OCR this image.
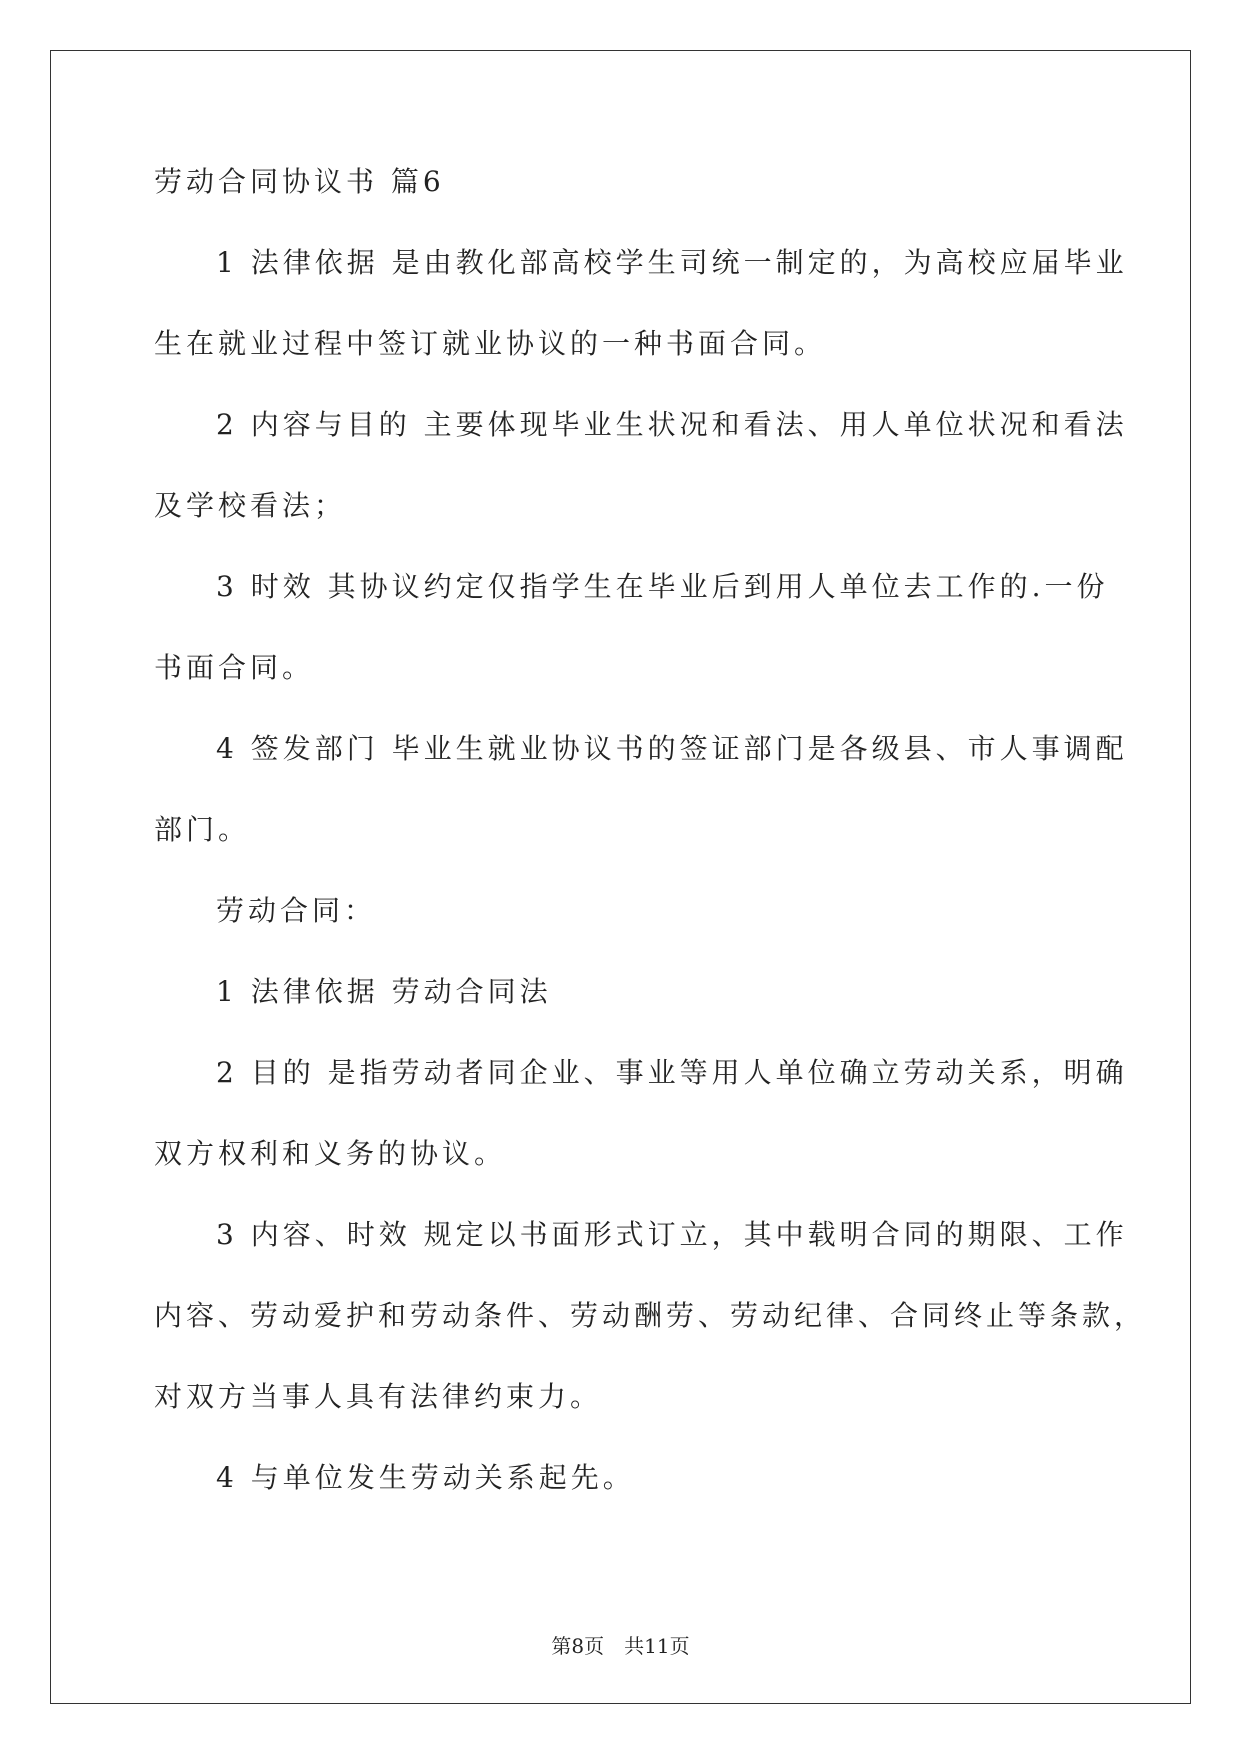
劳动合同协议书 篇6
1 法律依据 是由教化部高校学生司统一制定的，为高校应届毕业
生在就业过程中签订就业协议的一种书面合同。
2 内容与目的 主要体现毕业生状况和看法、用人单位状况和看法
及学校看法；
3 时效 其协议约定仅指学生在毕业后到用人单位去工作的.一份
书面合同。
4 签发部门 毕业生就业协议书的签证部门是各级县、市人事调配
部门。
劳动合同：
1 法律依据 劳动合同法
2 目的 是指劳动者同企业、事业等用人单位确立劳动关系，明确
双方权利和义务的协议。
3 内容、时效 规定以书面形式订立，其中载明合同的期限、工作
内容、劳动爱护和劳动条件、劳动酬劳、劳动纪律、合同终止等条款，
对双方当事人具有法律约束力。
4 与单位发生劳动关系起先。
第8页　共11页
